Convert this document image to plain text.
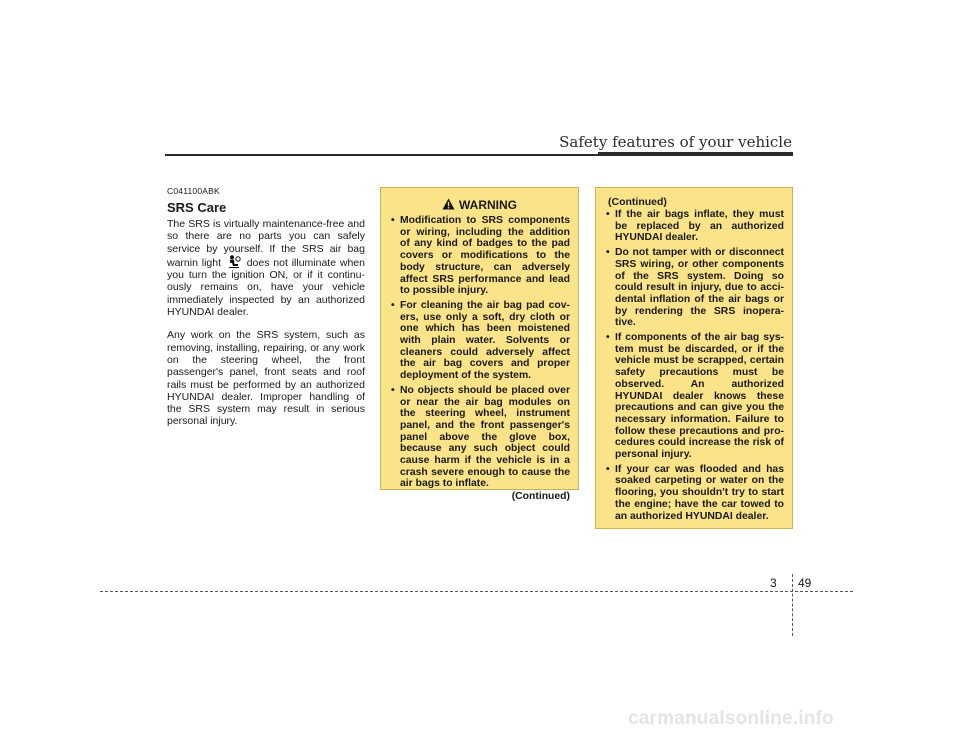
Safety features of your vehicle
C041100ABK
SRS Care

The SRS is virtually maintenance-free and so there are no parts you can safely service by yourself. If the SRS air bag warnin light does not illuminate when you turn the ignition ON, or if it continu-ously remains on, have your vehicle immediately inspected by an authorized HYUNDAI dealer.

Any work on the SRS system, such as removing, installing, repairing, or any work on the steering wheel, the front passenger's panel, front seats and roof rails must be performed by an authorized HYUNDAI dealer. Improper handling of the SRS system may result in serious personal injury.

WARNING
• Modification to SRS components or wiring, including the addition of any kind of badges to the pad covers or modifications to the body structure, can adversely affect SRS performance and lead to possible injury.
• For cleaning the air bag pad cov-ers, use only a soft, dry cloth or one which has been moistened with plain water. Solvents or cleaners could adversely affect the air bag covers and proper deployment of the system.
• No objects should be placed over or near the air bag modules on the steering wheel, instrument panel, and the front passenger's panel above the glove box, because any such object could cause harm if the vehicle is in a crash severe enough to cause the air bags to inflate.
(Continued)
(Continued)
• If the air bags inflate, they must be replaced by an authorized HYUNDAI dealer.
• Do not tamper with or disconnect SRS wiring, or other components of the SRS system. Doing so could result in injury, due to acci-dental inflation of the air bags or by rendering the SRS inopera-tive.
• If components of the air bag sys-tem must be discarded, or if the vehicle must be scrapped, certain safety precautions must be observed. An authorized HYUNDAI dealer knows these precautions and can give you the necessary information. Failure to follow these precautions and pro-cedures could increase the risk of personal injury.
• If your car was flooded and has soaked carpeting or water on the flooring, you shouldn't try to start the engine; have the car towed to an authorized HYUNDAI dealer.
3 49
carmanualsonline.info
